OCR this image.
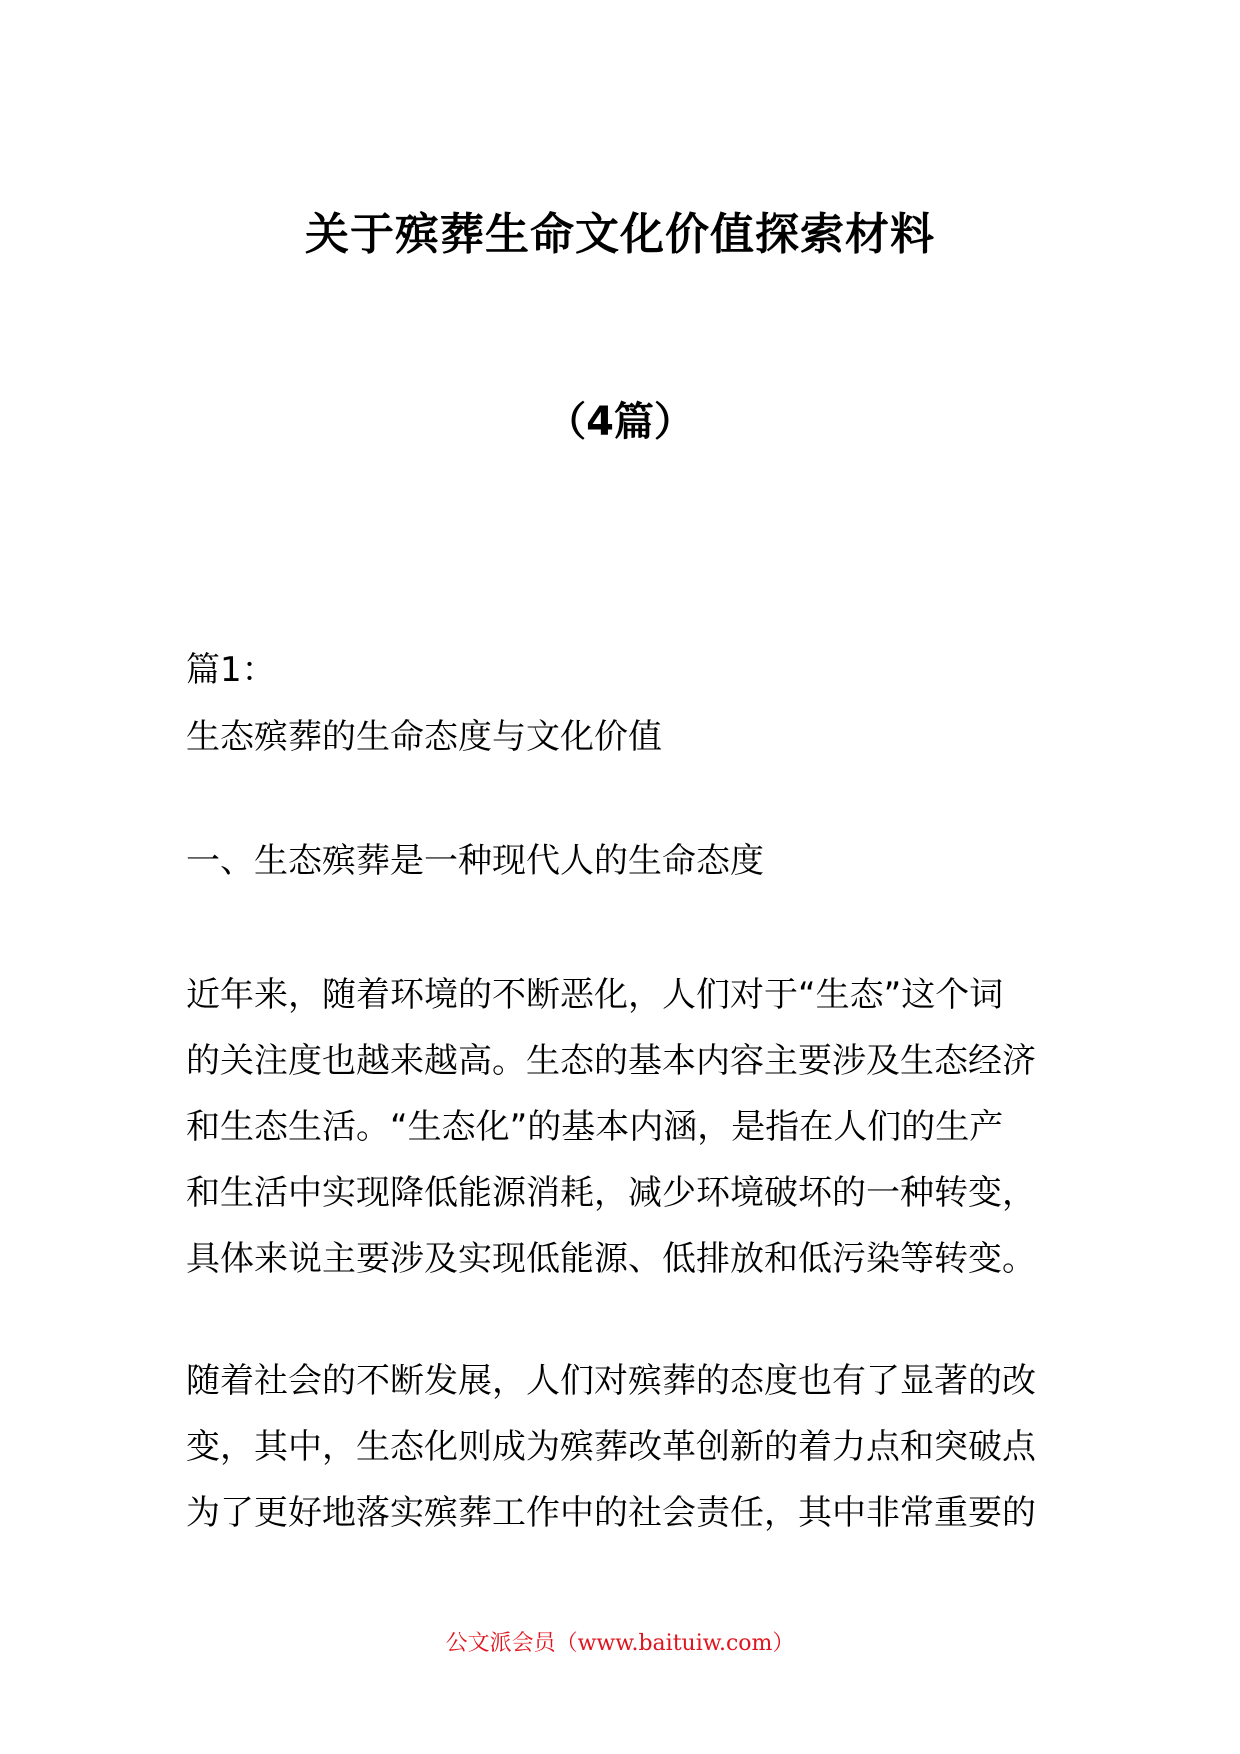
关于殡葬生命文化价值探索材料
（4篇）
篇1：
生态殡葬的生命态度与文化价值
一、生态殡葬是一种现代人的生命态度

近年来，随着环境的不断恶化，人们对于“生态”这个词

的关注度也越来越高。生态的基本内容主要涉及生态经济

和生态生活。“生态化”的基本内涵，是指在人们的生产

和生活中实现降低能源消耗，减少环境破坏的一种转变，

具体来说主要涉及实现低能源、低排放和低污染等转变。

随着社会的不断发展，人们对殡葬的态度也有了显著的改

变，其中，生态化则成为殡葬改革创新的着力点和突破点

为了更好地落实殡葬工作中的社会责任，其中非常重要的

公文派会员（www.baituiw.com）
